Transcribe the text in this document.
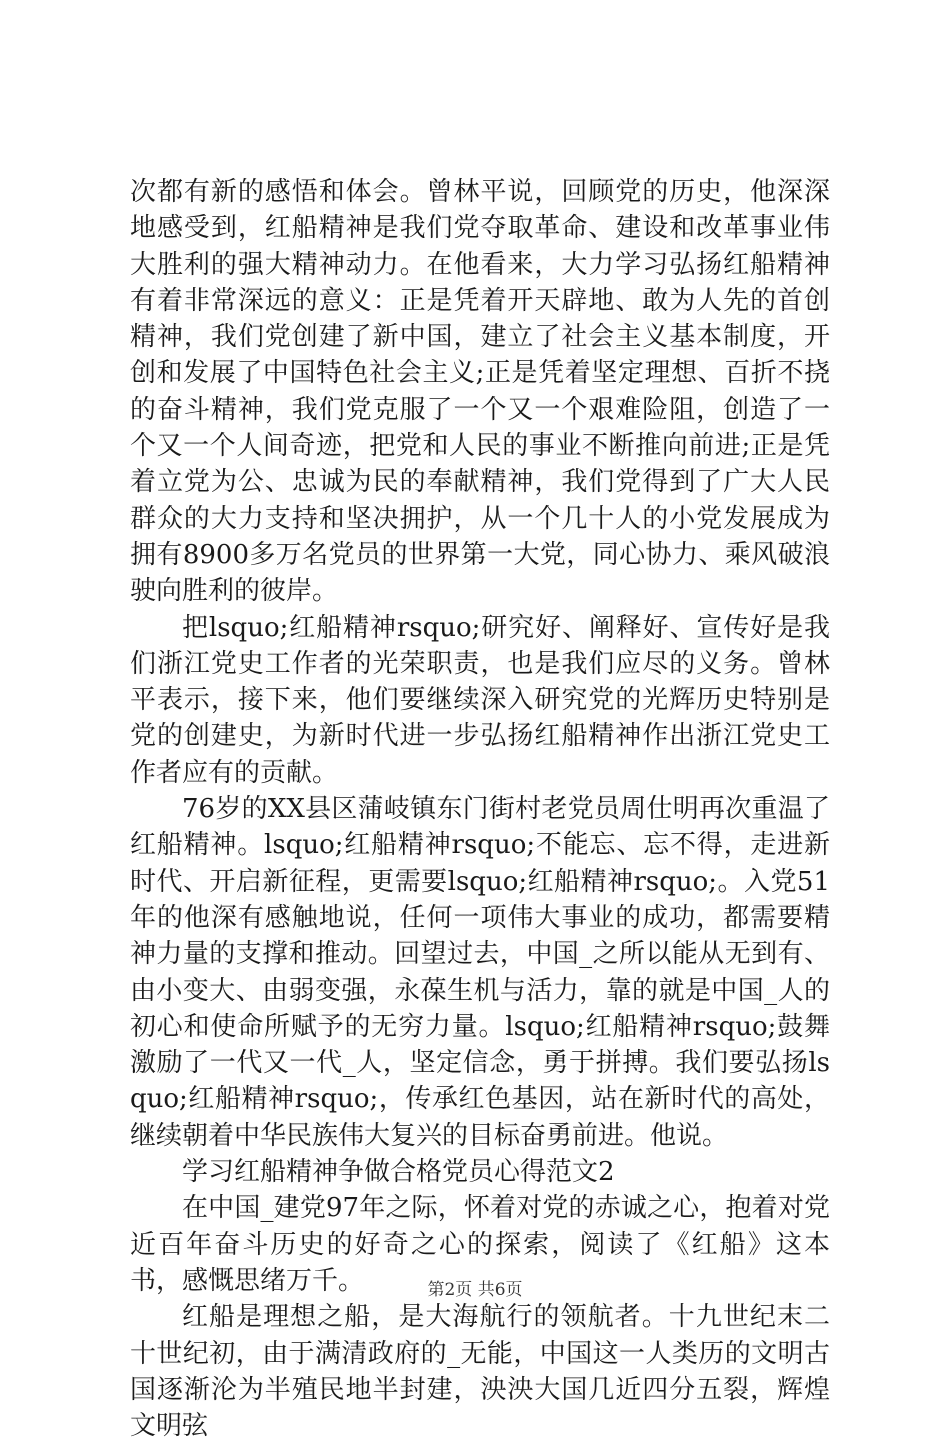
次都有新的感悟和体会。曾林平说，回顾党的历史，他深深地感受到，红船精神是我们党夺取革命、建设和改革事业伟大胜利的强大精神动力。在他看来，大力学习弘扬红船精神有着非常深远的意义：正是凭着开天辟地、敢为人先的首创精神，我们党创建了新中国，建立了社会主义基本制度，开创和发展了中国特色社会主义;正是凭着坚定理想、百折不挠的奋斗精神，我们党克服了一个又一个艰难险阻，创造了一个又一个人间奇迹，把党和人民的事业不断推向前进;正是凭着立党为公、忠诚为民的奉献精神，我们党得到了广大人民群众的大力支持和坚决拥护，从一个几十人的小党发展成为拥有8900多万名党员的世界第一大党，同心协力、乘风破浪驶向胜利的彼岸。

把lsquo;红船精神rsquo;研究好、阐释好、宣传好是我们浙江党史工作者的光荣职责，也是我们应尽的义务。曾林平表示，接下来，他们要继续深入研究党的光辉历史特别是党的创建史，为新时代进一步弘扬红船精神作出浙江党史工作者应有的贡献。

76岁的XX县区蒲岐镇东门街村老党员周仕明再次重温了红船精神。lsquo;红船精神rsquo;不能忘、忘不得，走进新时代、开启新征程，更需要lsquo;红船精神rsquo;。入党51年的他深有感触地说，任何一项伟大事业的成功，都需要精神力量的支撑和推动。回望过去，中国_之所以能从无到有、由小变大、由弱变强，永葆生机与活力，靠的就是中国_人的初心和使命所赋予的无穷力量。lsquo;红船精神rsquo;鼓舞激励了一代又一代_人，坚定信念，勇于拼搏。我们要弘扬lsquo;红船精神rsquo;，传承红色基因，站在新时代的高处，继续朝着中华民族伟大复兴的目标奋勇前进。他说。

学习红船精神争做合格党员心得范文2

在中国_建党97年之际，怀着对党的赤诚之心，抱着对党近百年奋斗历史的好奇之心的探索，阅读了《红船》这本书，感慨思绪万千。

红船是理想之船，是大海航行的领航者。十九世纪末二十世纪初，由于满清政府的_无能，中国这一人类历的文明古国逐渐沦为半殖民地半封建，泱泱大国几近四分五裂，辉煌文明弦

第2页 共6页
